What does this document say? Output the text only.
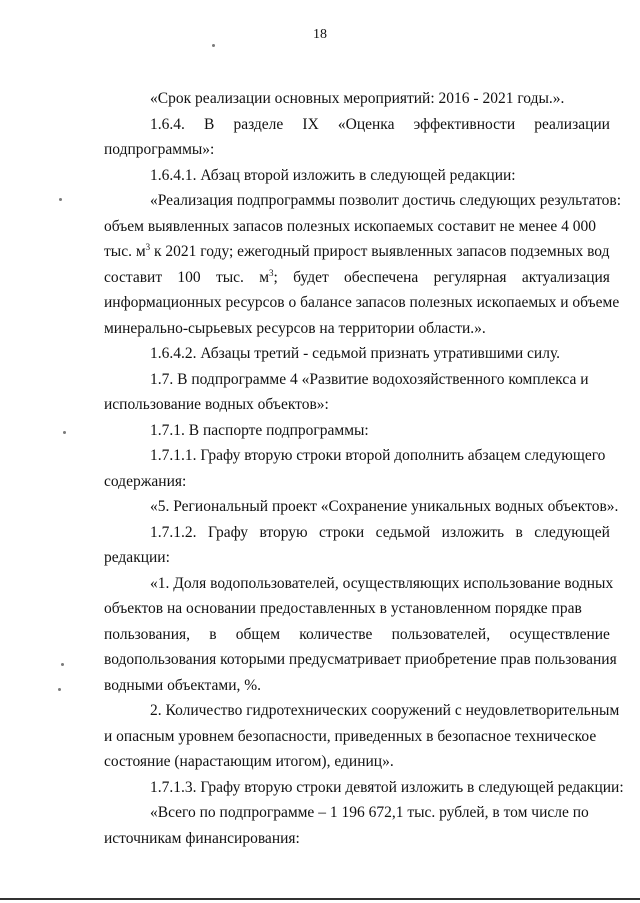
18
«Срок реализации основных мероприятий: 2016 - 2021 годы.».
1.6.4. В разделе IX «Оценка эффективности реализации
подпрограммы»:
1.6.4.1. Абзац второй изложить в следующей редакции:
«Реализация подпрограммы позволит достичь следующих результатов:
объем выявленных запасов полезных ископаемых составит не менее 4 000
тыс. $м^3$ к 2021 году; ежегодный прирост выявленных запасов подземных вод
составит 100 тыс. $м^3$; будет обеспечена регулярная актуализация
информационных ресурсов о балансе запасов полезных ископаемых и объеме
минерально-сырьевых ресурсов на территории области.».
1.6.4.2. Абзацы третий - седьмой признать утратившими силу.
1.7. В подпрограмме 4 «Развитие водохозяйственного комплекса и
использование водных объектов»:
1.7.1. В паспорте подпрограммы:
1.7.1.1. Графу вторую строки второй дополнить абзацем следующего
содержания:
«5. Региональный проект «Сохранение уникальных водных объектов».
1.7.1.2. Графу вторую строки седьмой изложить в следующей
редакции:
«1. Доля водопользователей, осуществляющих использование водных
объектов на основании предоставленных в установленном порядке прав
пользования, в общем количестве пользователей, осуществление
водопользования которыми предусматривает приобретение прав пользования
водными объектами, %.
2. Количество гидротехнических сооружений с неудовлетворительным
и опасным уровнем безопасности, приведенных в безопасное техническое
состояние (нарастающим итогом), единиц».
1.7.1.3. Графу вторую строки девятой изложить в следующей редакции:
«Всего по подпрограмме – 1 196 672,1 тыс. рублей, в том числе по
источникам финансирования:
